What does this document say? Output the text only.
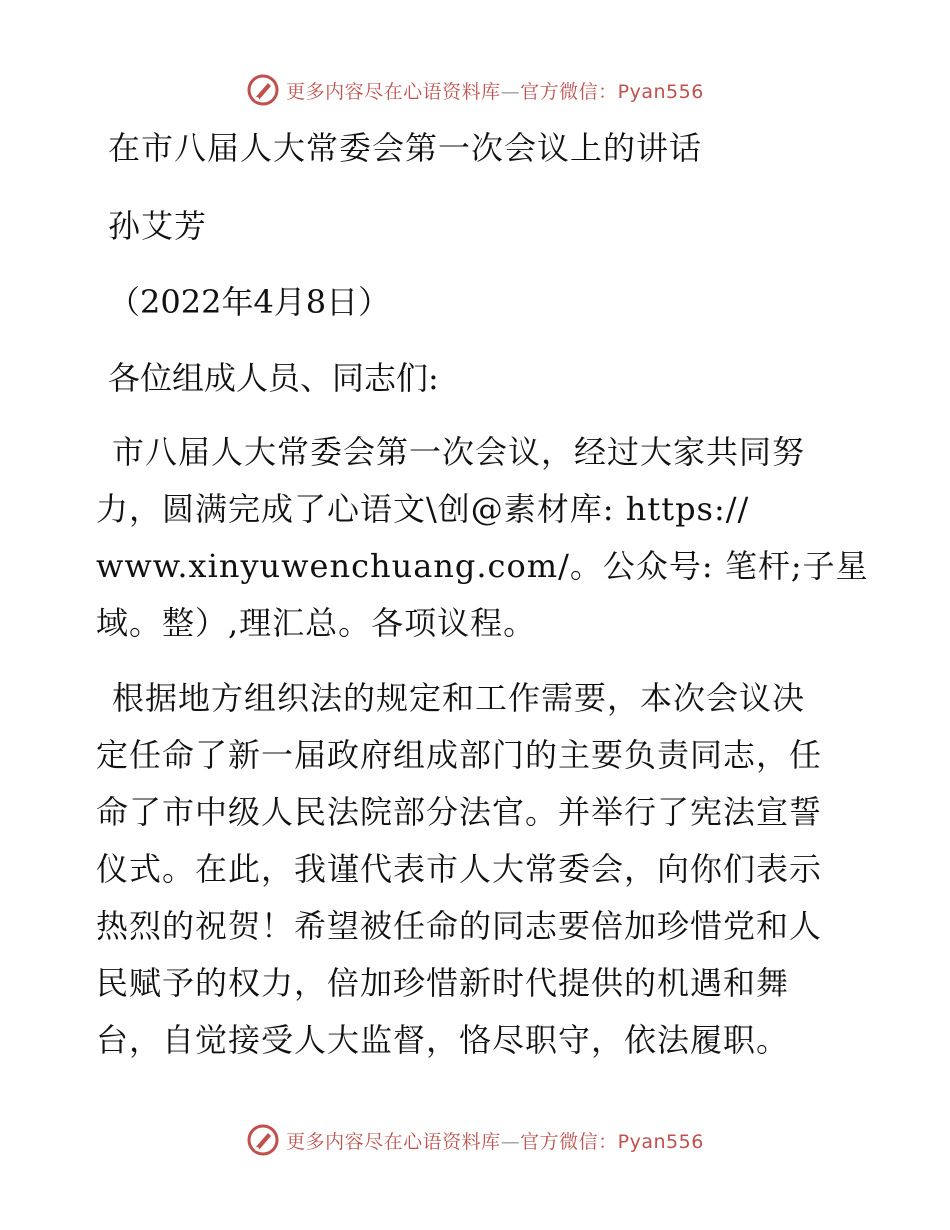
更多内容尽在心语资料库—官方微信：Pyan556

在市八届人大常委会第一次会议上的讲话

孙艾芳

（2022年4月8日）

各位组成人员、同志们:

市八届人大常委会第一次会议，经过大家共同努

力，圆满完成了心语文\创@素材库: https://

www.xinyuwenchuang.com/。公众号: 笔杆;子星

域。整）,理汇总。各项议程。

根据地方组织法的规定和工作需要，本次会议决

定任命了新一届政府组成部门的主要负责同志，任

命了市中级人民法院部分法官。并举行了宪法宣誓

仪式。在此，我谨代表市人大常委会，向你们表示

热烈的祝贺！希望被任命的同志要倍加珍惜党和人

民赋予的权力，倍加珍惜新时代提供的机遇和舞

台，自觉接受人大监督，恪尽职守，依法履职。

更多内容尽在心语资料库—官方微信：Pyan556
